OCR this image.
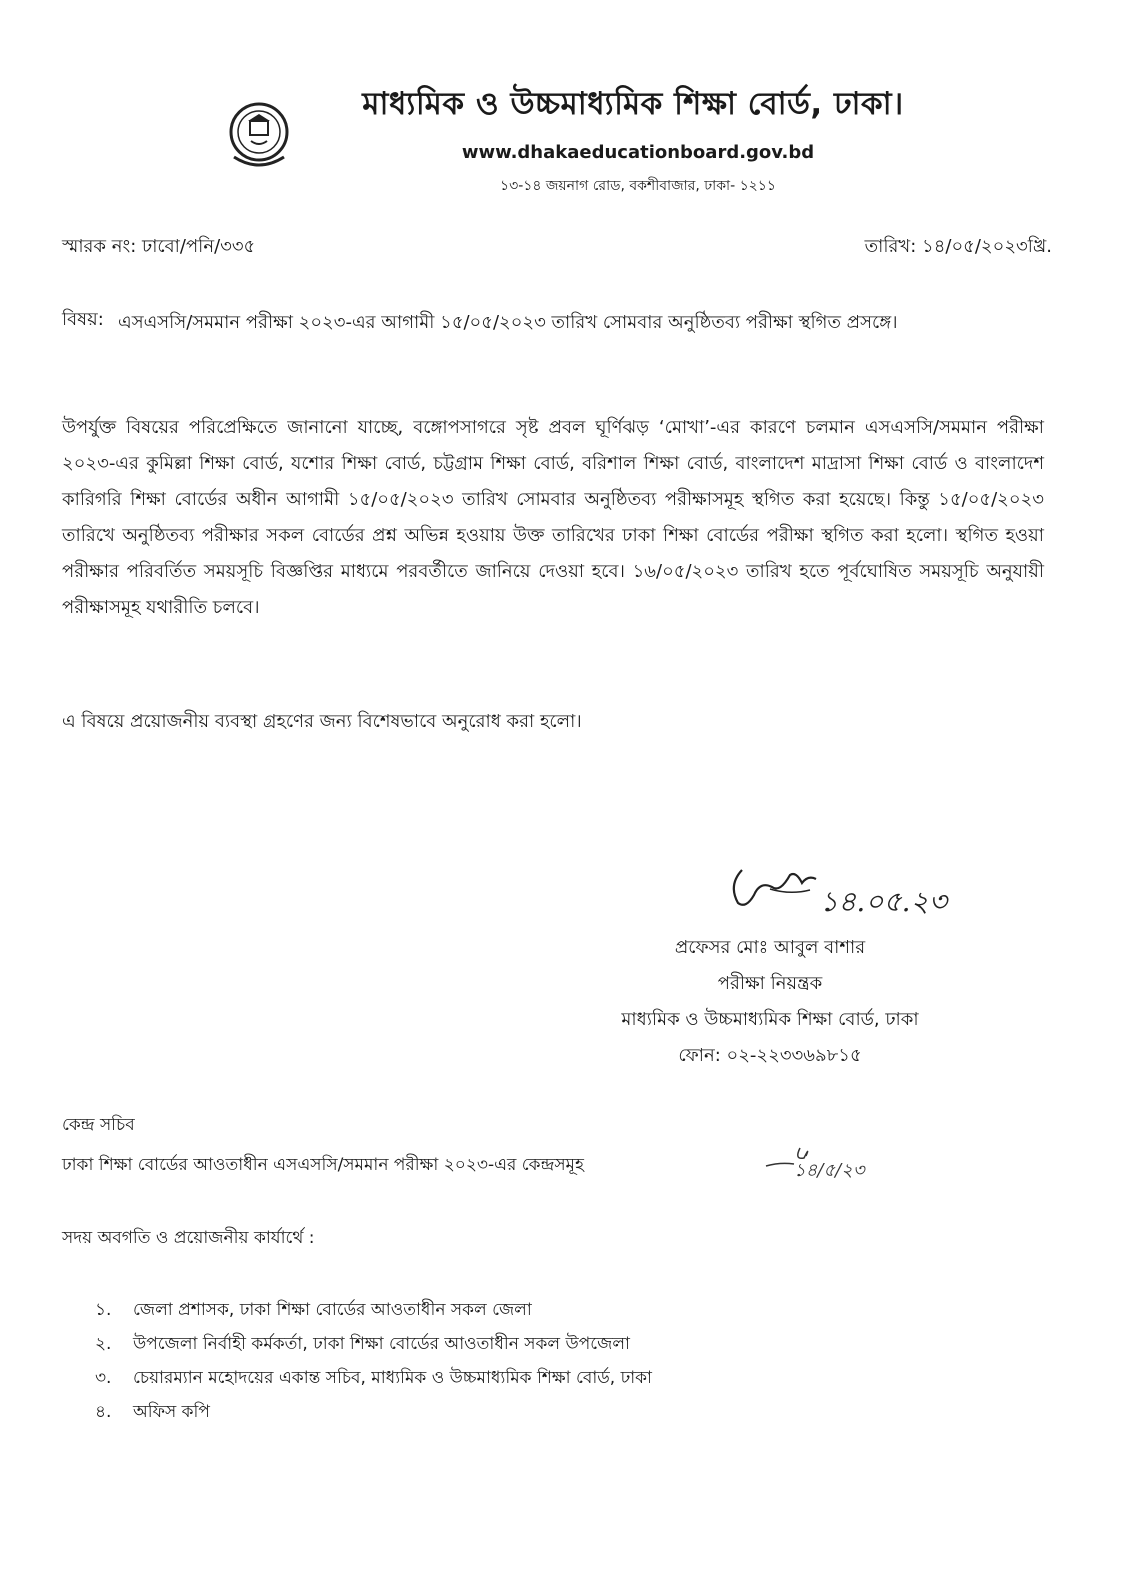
মাধ্যমিক ও উচ্চমাধ্যমিক শিক্ষা বোর্ড, ঢাকা।
www.dhakaeducationboard.gov.bd
১৩-১৪ জয়নাগ রোড, বকশীবাজার, ঢাকা- ১২১১
স্মারক নং: ঢাবো/পনি/৩৩৫	তারিখ: ১৪/০৫/২০২৩খ্রি.
বিষয়: এসএসসি/সমমান পরীক্ষা ২০২৩-এর আগামী ১৫/০৫/২০২৩ তারিখ সোমবার অনুষ্ঠিতব্য পরীক্ষা স্থগিত প্রসঙ্গে।
উপর্যুক্ত বিষয়ের পরিপ্রেক্ষিতে জানানো যাচ্ছে, বঙ্গোপসাগরে সৃষ্ট প্রবল ঘূর্ণিঝড় ‘মোখা’-এর কারণে চলমান এসএসসি/সমমান পরীক্ষা ২০২৩-এর কুমিল্লা শিক্ষা বোর্ড, যশোর শিক্ষা বোর্ড, চট্টগ্রাম শিক্ষা বোর্ড, বরিশাল শিক্ষা বোর্ড, বাংলাদেশ মাদ্রাসা শিক্ষা বোর্ড ও বাংলাদেশ কারিগরি শিক্ষা বোর্ডের অধীন আগামী ১৫/০৫/২০২৩ তারিখ সোমবার অনুষ্ঠিতব্য পরীক্ষাসমূহ স্থগিত করা হয়েছে। কিন্তু ১৫/০৫/২০২৩ তারিখে অনুষ্ঠিতব্য পরীক্ষার সকল বোর্ডের প্রশ্ন অভিন্ন হওয়ায় উক্ত তারিখের ঢাকা শিক্ষা বোর্ডের পরীক্ষা স্থগিত করা হলো। স্থগিত হওয়া পরীক্ষার পরিবর্তিত সময়সূচি বিজ্ঞপ্তির মাধ্যমে পরবর্তীতে জানিয়ে দেওয়া হবে। ১৬/০৫/২০২৩ তারিখ হতে পূর্বঘোষিত সময়সূচি অনুযায়ী পরীক্ষাসমূহ যথারীতি চলবে।
এ বিষয়ে প্রয়োজনীয় ব্যবস্থা গ্রহণের জন্য বিশেষভাবে অনুরোধ করা হলো।
১৪.০৫.২৩
প্রফেসর মোঃ আবুল বাশার
পরীক্ষা নিয়ন্ত্রক
মাধ্যমিক ও উচ্চমাধ্যমিক শিক্ষা বোর্ড, ঢাকা
ফোন: ০২-২২৩৩৬৯৮১৫
কেন্দ্র সচিব
ঢাকা শিক্ষা বোর্ডের আওতাধীন এসএসসি/সমমান পরীক্ষা ২০২৩-এর কেন্দ্রসমূহ	১৪/৫/২৩
সদয় অবগতি ও প্রয়োজনীয় কার্যার্থে :
১.	জেলা প্রশাসক, ঢাকা শিক্ষা বোর্ডের আওতাধীন সকল জেলা
২.	উপজেলা নির্বাহী কর্মকর্তা, ঢাকা শিক্ষা বোর্ডের আওতাধীন সকল উপজেলা
৩.	চেয়ারম্যান মহোদয়ের একান্ত সচিব, মাধ্যমিক ও উচ্চমাধ্যমিক শিক্ষা বোর্ড, ঢাকা
৪.	অফিস কপি
